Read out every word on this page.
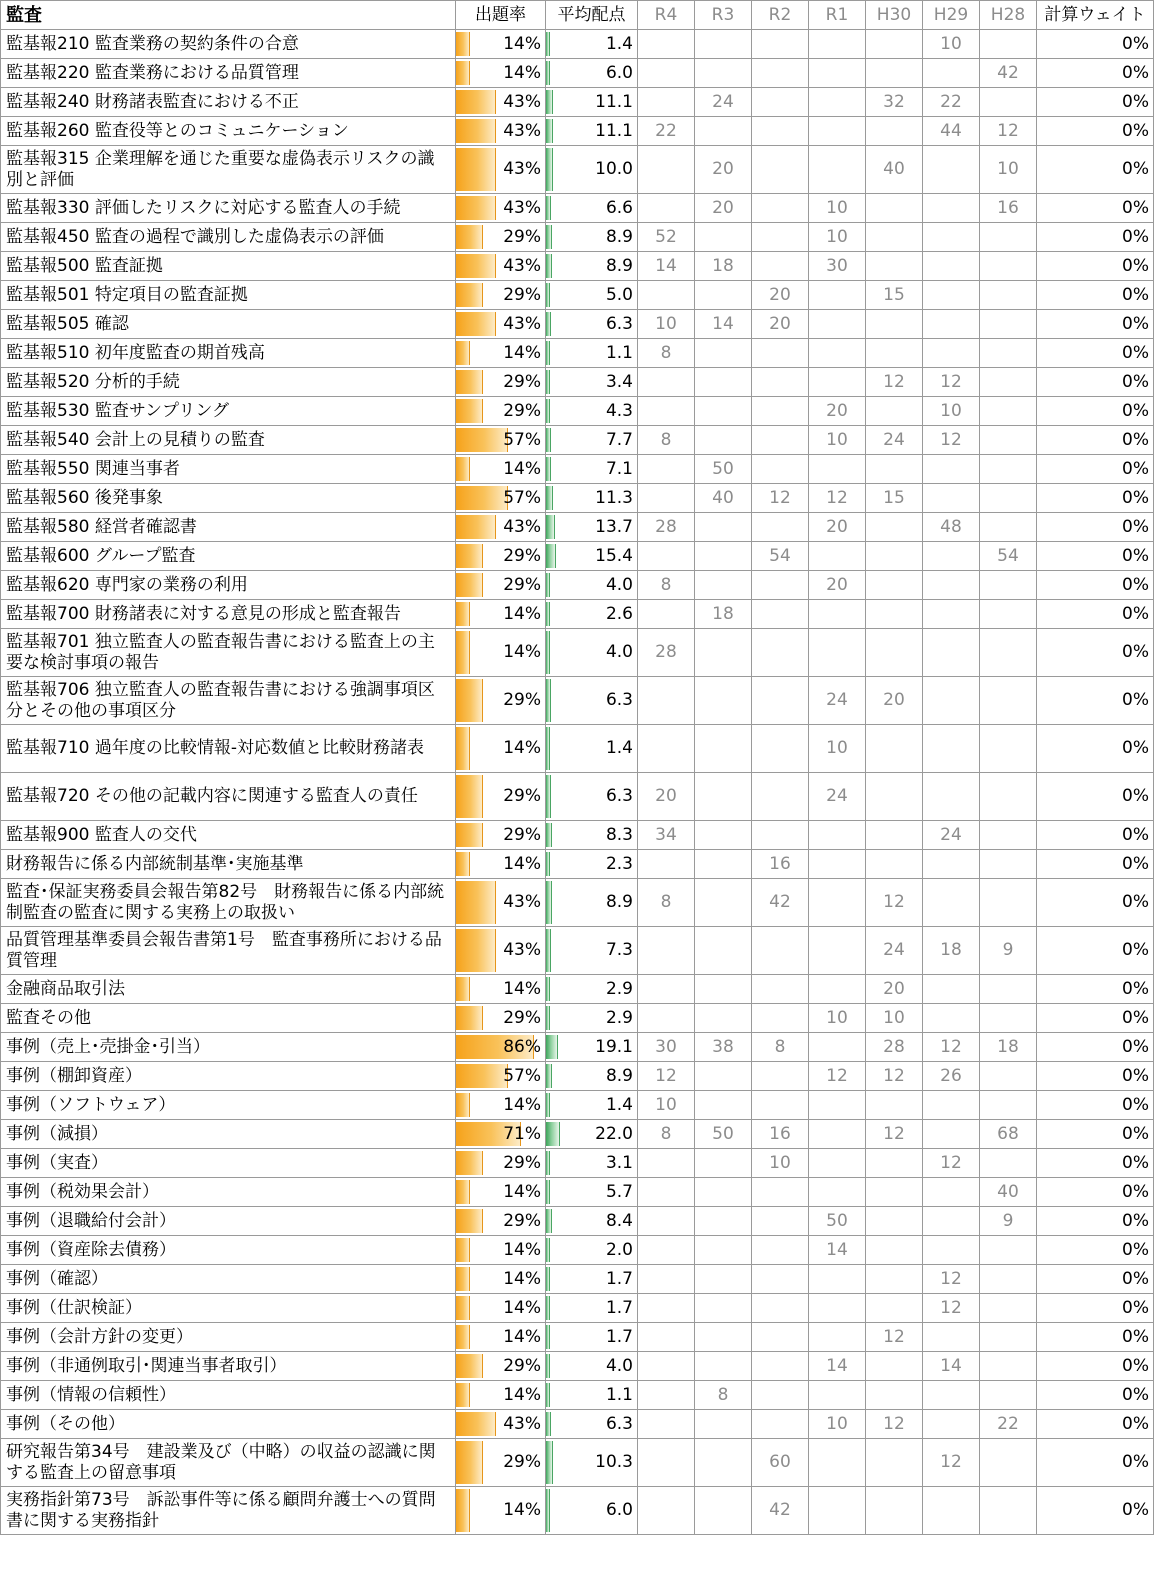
監査	出題率	平均配点	R4	R3	R2	R1	H30	H29	H28	計算ウェイト
監基報210 監査業務の契約条件の合意	14%	1.4						10		0%
監基報220 監査業務における品質管理	14%	6.0							42	0%
監基報240 財務諸表監査における不正	43%	11.1		24			32	22		0%
監基報260 監査役等とのコミュニケーション	43%	11.1	22					44	12	0%
監基報315 企業理解を通じた重要な虚偽表示リスクの識別と評価	43%	10.0		20			40		10	0%
監基報330 評価したリスクに対応する監査人の手続	43%	6.6		20		10			16	0%
監基報450 監査の過程で識別した虚偽表示の評価	29%	8.9	52			10				0%
監基報500 監査証拠	43%	8.9	14	18		30				0%
監基報501 特定項目の監査証拠	29%	5.0			20		15			0%
監基報505 確認	43%	6.3	10	14	20					0%
監基報510 初年度監査の期首残高	14%	1.1	8							0%
監基報520 分析的手続	29%	3.4					12	12		0%
監基報530 監査サンプリング	29%	4.3				20		10		0%
監基報540 会計上の見積りの監査	57%	7.7	8			10	24	12		0%
監基報550 関連当事者	14%	7.1		50						0%
監基報560 後発事象	57%	11.3		40	12	12	15			0%
監基報580 経営者確認書	43%	13.7	28			20		48		0%
監基報600 グループ監査	29%	15.4			54				54	0%
監基報620 専門家の業務の利用	29%	4.0	8			20				0%
監基報700 財務諸表に対する意見の形成と監査報告	14%	2.6		18						0%
監基報701 独立監査人の監査報告書における監査上の主要な検討事項の報告	14%	4.0	28							0%
監基報706 独立監査人の監査報告書における強調事項区分とその他の事項区分	29%	6.3				24	20			0%
監基報710 過年度の比較情報-対応数値と比較財務諸表	14%	1.4				10				0%
監基報720 その他の記載内容に関連する監査人の責任	29%	6.3	20			24				0%
監基報900 監査人の交代	29%	8.3	34					24		0%
財務報告に係る内部統制基準･実施基準	14%	2.3			16					0%
監査･保証実務委員会報告第82号　財務報告に係る内部統制監査の監査に関する実務上の取扱い	43%	8.9	8		42		12			0%
品質管理基準委員会報告書第1号　監査事務所における品質管理	43%	7.3					24	18	9	0%
金融商品取引法	14%	2.9					20			0%
監査その他	29%	2.9				10	10			0%
事例（売上･売掛金･引当）	86%	19.1	30	38	8		28	12	18	0%
事例（棚卸資産）	57%	8.9	12			12	12	26		0%
事例（ソフトウェア）	14%	1.4	10							0%
事例（減損）	71%	22.0	8	50	16		12		68	0%
事例（実査）	29%	3.1			10			12		0%
事例（税効果会計）	14%	5.7							40	0%
事例（退職給付会計）	29%	8.4				50			9	0%
事例（資産除去債務）	14%	2.0				14				0%
事例（確認）	14%	1.7						12		0%
事例（仕訳検証）	14%	1.7						12		0%
事例（会計方針の変更）	14%	1.7					12			0%
事例（非通例取引･関連当事者取引）	29%	4.0				14		14		0%
事例（情報の信頼性）	14%	1.1		8						0%
事例（その他）	43%	6.3				10	12		22	0%
研究報告第34号　建設業及び（中略）の収益の認識に関する監査上の留意事項	29%	10.3			60			12		0%
実務指針第73号　訴訟事件等に係る顧問弁護士への質問書に関する実務指針	14%	6.0			42					0%
